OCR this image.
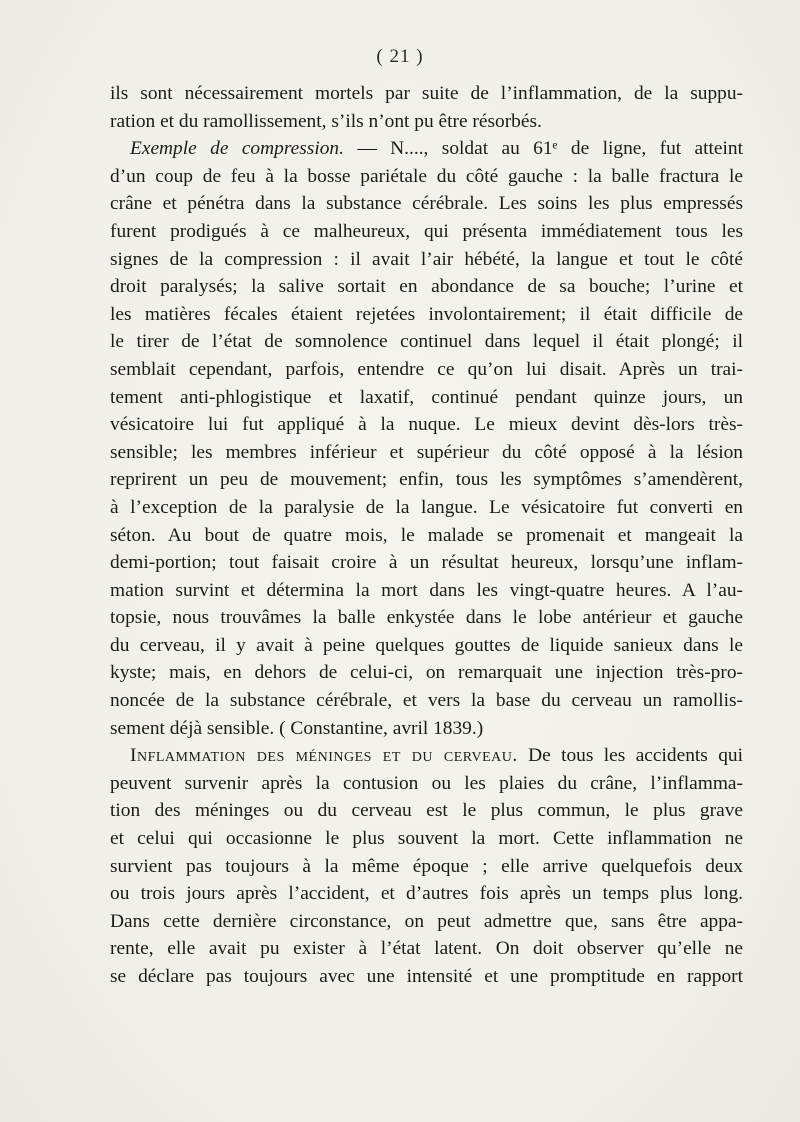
( 21 )
ils sont nécessairement mortels par suite de l’inflammation, de la suppu-
ration et du ramollissement, s’ils n’ont pu être résorbés.
Exemple de compression. — N...., soldat au 61ᵉ de ligne, fut atteint
d’un coup de feu à la bosse pariétale du côté gauche : la balle fractura le
crâne et pénétra dans la substance cérébrale. Les soins les plus empressés
furent prodigués à ce malheureux, qui présenta immédiatement tous les
signes de la compression : il avait l’air hébété, la langue et tout le côté
droit paralysés; la salive sortait en abondance de sa bouche; l’urine et
les matières fécales étaient rejetées involontairement; il était difficile de
le tirer de l’état de somnolence continuel dans lequel il était plongé; il
semblait cependant, parfois, entendre ce qu’on lui disait. Après un trai-
tement anti-phlogistique et laxatif, continué pendant quinze jours, un
vésicatoire lui fut appliqué à la nuque. Le mieux devint dès-lors très-
sensible; les membres inférieur et supérieur du côté opposé à la lésion
reprirent un peu de mouvement; enfin, tous les symptômes s’amendèrent,
à l’exception de la paralysie de la langue. Le vésicatoire fut converti en
séton. Au bout de quatre mois, le malade se promenait et mangeait la
demi-portion; tout faisait croire à un résultat heureux, lorsqu’une inflam-
mation survint et détermina la mort dans les vingt-quatre heures. A l’au-
topsie, nous trouvâmes la balle enkystée dans le lobe antérieur et gauche
du cerveau, il y avait à peine quelques gouttes de liquide sanieux dans le
kyste; mais, en dehors de celui-ci, on remarquait une injection très-pro-
noncée de la substance cérébrale, et vers la base du cerveau un ramollis-
sement déjà sensible. ( Constantine, avril 1839.)
Inflammation des méninges et du cerveau. De tous les accidents qui
peuvent survenir après la contusion ou les plaies du crâne, l’inflamma-
tion des méninges ou du cerveau est le plus commun, le plus grave
et celui qui occasionne le plus souvent la mort. Cette inflammation ne
survient pas toujours à la même époque ; elle arrive quelquefois deux
ou trois jours après l’accident, et d’autres fois après un temps plus long.
Dans cette dernière circonstance, on peut admettre que, sans être appa-
rente, elle avait pu exister à l’état latent. On doit observer qu’elle ne
se déclare pas toujours avec une intensité et une promptitude en rapport
